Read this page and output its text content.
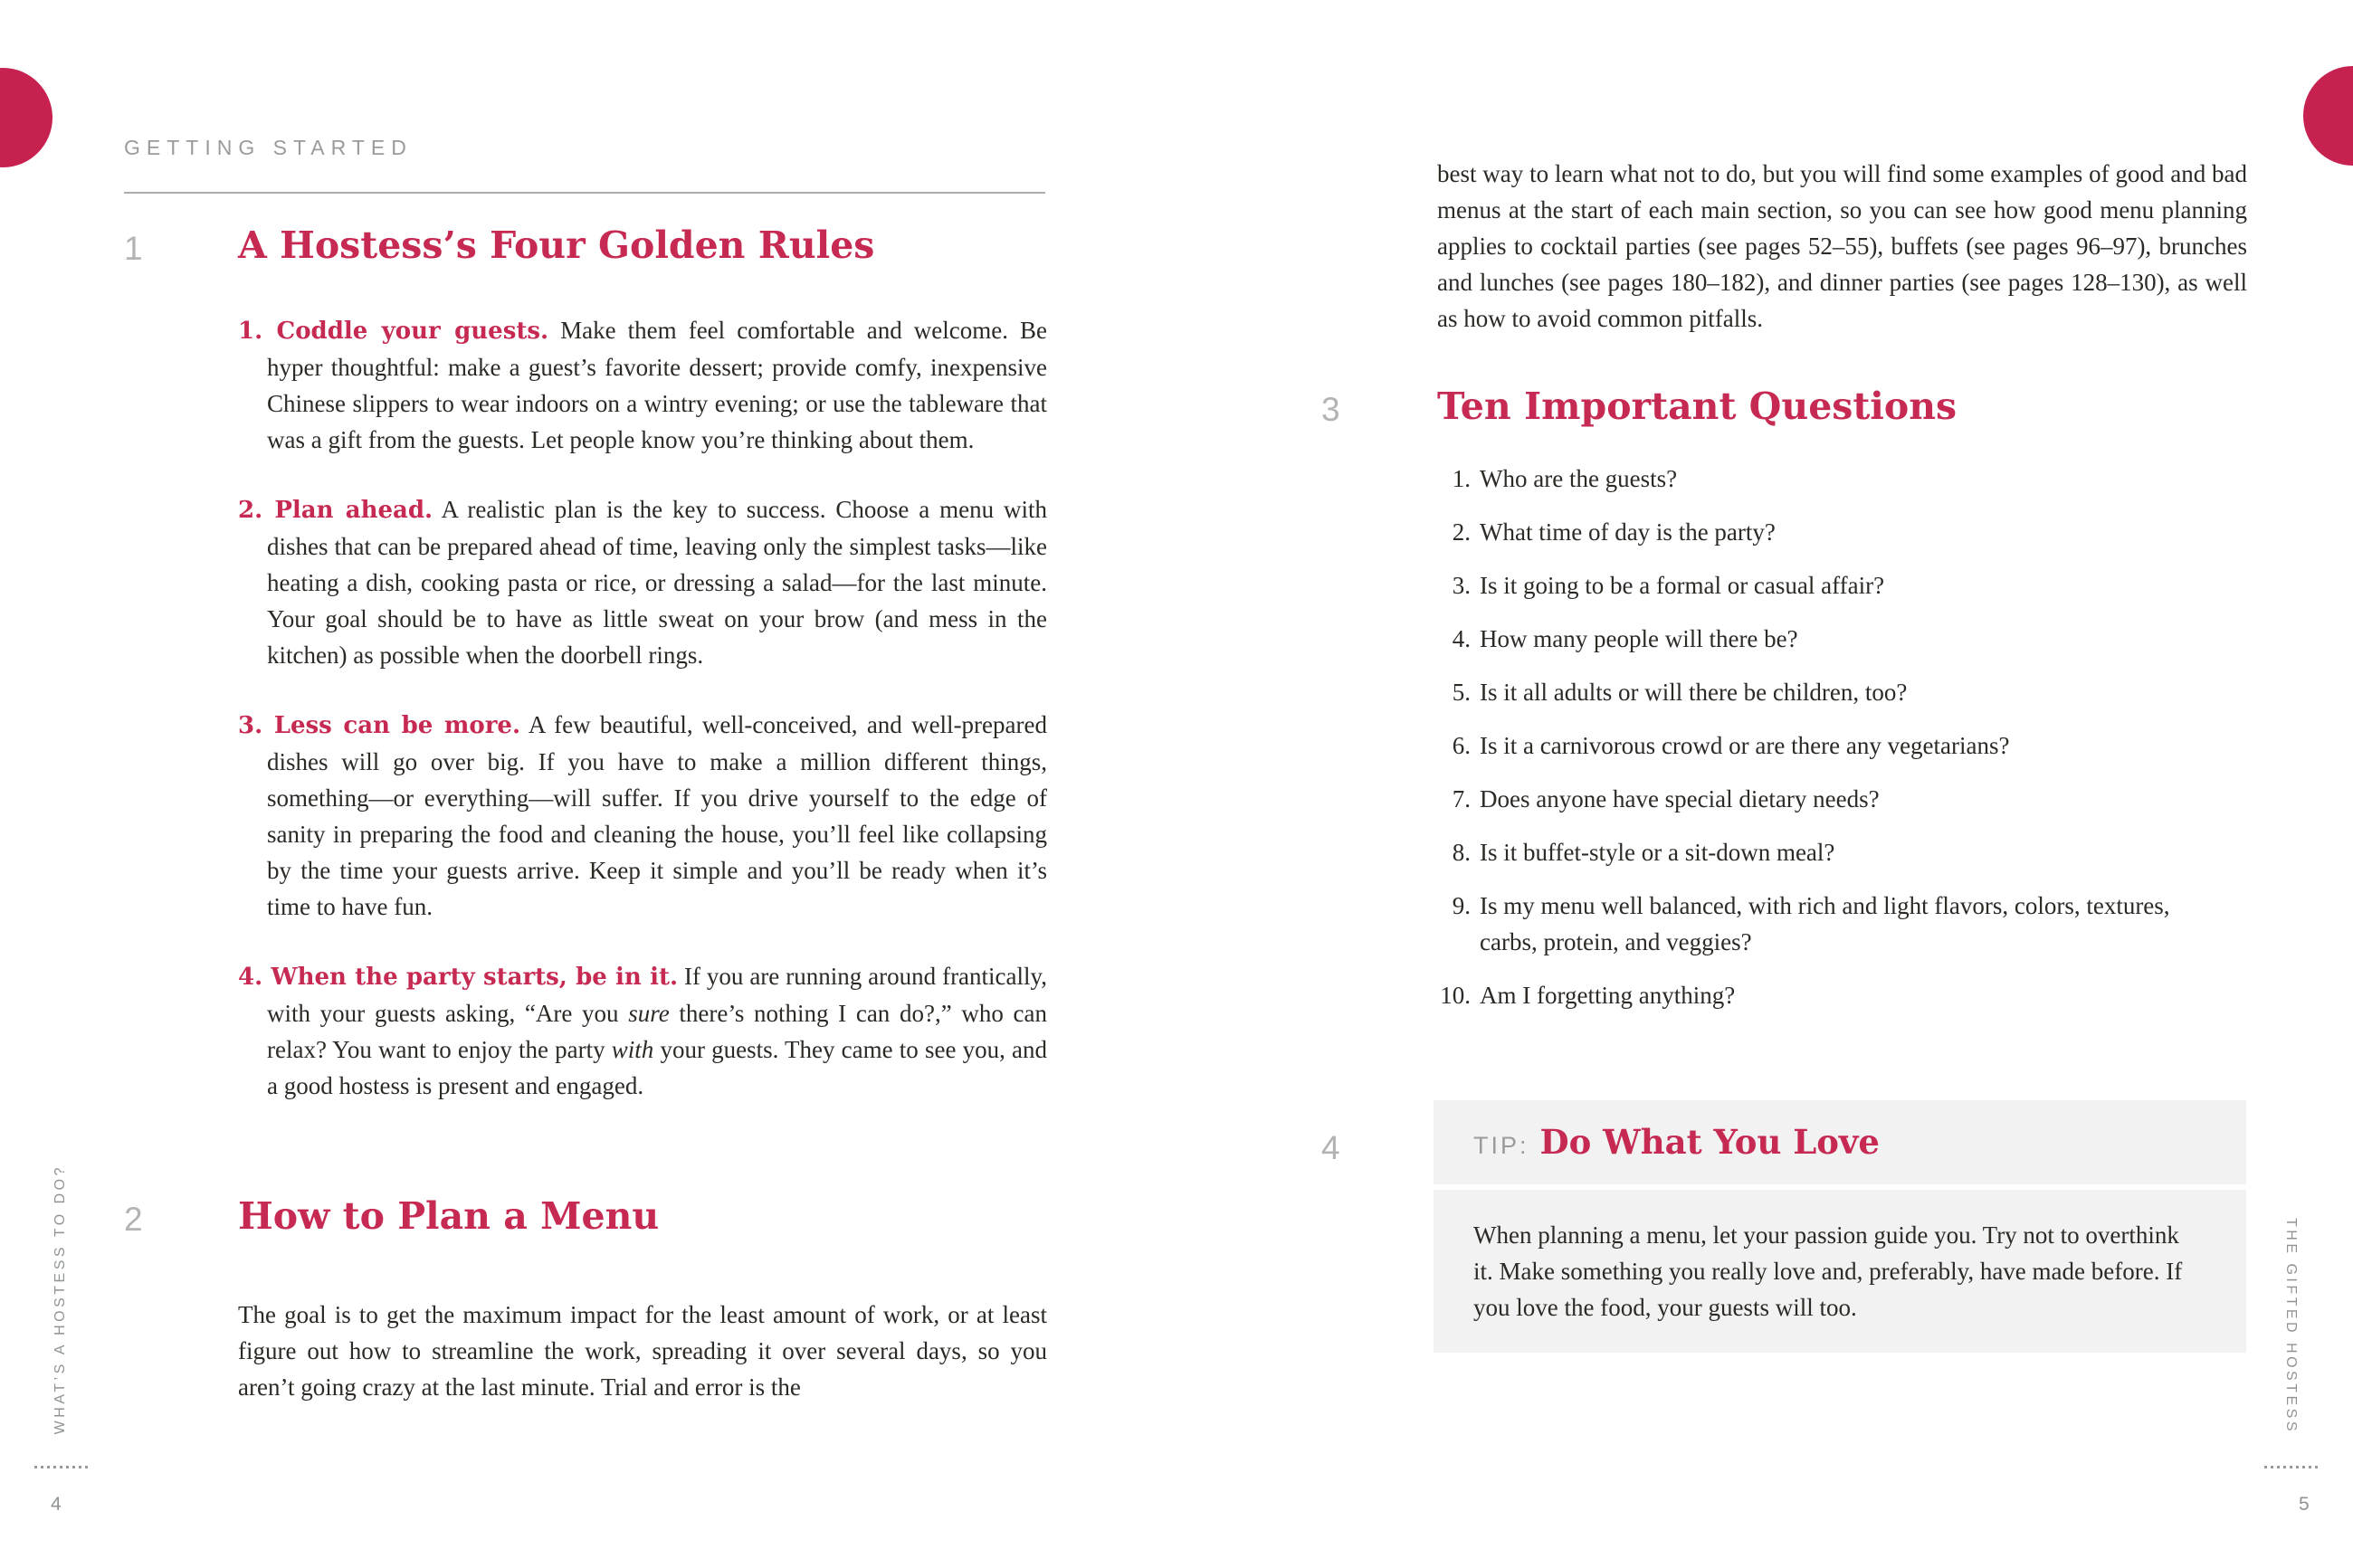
GETTING STARTED
1	A Hostess’s Four Golden Rules

1. Coddle your guests. Make them feel comfortable and welcome. Be hyper thoughtful: make a guest’s favorite dessert; provide comfy, inexpensive Chinese slippers to wear indoors on a wintry evening; or use the tableware that was a gift from the guests. Let people know you’re thinking about them.

2. Plan ahead. A realistic plan is the key to success. Choose a menu with dishes that can be prepared ahead of time, leaving only the simplest tasks—like heating a dish, cooking pasta or rice, or dressing a salad—for the last minute. Your goal should be to have as little sweat on your brow (and mess in the kitchen) as possible when the doorbell rings.

3. Less can be more. A few beautiful, well-conceived, and well-prepared dishes will go over big. If you have to make a million different things, something—or everything—will suffer. If you drive yourself to the edge of sanity in preparing the food and cleaning the house, you’ll feel like collapsing by the time your guests arrive. Keep it simple and you’ll be ready when it’s time to have fun.

4. When the party starts, be in it. If you are running around frantically, with your guests asking, “Are you sure there’s nothing I can do?,” who can relax? You want to enjoy the party with your guests. They came to see you, and a good hostess is present and engaged.

2	How to Plan a Menu

The goal is to get the maximum impact for the least amount of work, or at least figure out how to streamline the work, spreading it over several days, so you aren’t going crazy at the last minute. Trial and error is the

WHAT’S A HOSTESS TO DO?
4

best way to learn what not to do, but you will find some examples of good and bad menus at the start of each main section, so you can see how good menu planning applies to cocktail parties (see pages 52–55), buffets (see pages 96–97), brunches and lunches (see pages 180–182), and dinner parties (see pages 128–130), as well as how to avoid common pitfalls.

3	Ten Important Questions

1. Who are the guests?

2. What time of day is the party?

3. Is it going to be a formal or casual affair?

4. How many people will there be?

5. Is it all adults or will there be children, too?

6. Is it a carnivorous crowd or are there any vegetarians?

7. Does anyone have special dietary needs?

8. Is it buffet-style or a sit-down meal?

9. Is my menu well balanced, with rich and light flavors, colors, textures, carbs, protein, and veggies?

10. Am I forgetting anything?

4	TIP: Do What You Love

When planning a menu, let your passion guide you. Try not to overthink it. Make something you really love and, preferably, have made before. If you love the food, your guests will too.	THE GIFTED HOSTESS
5
